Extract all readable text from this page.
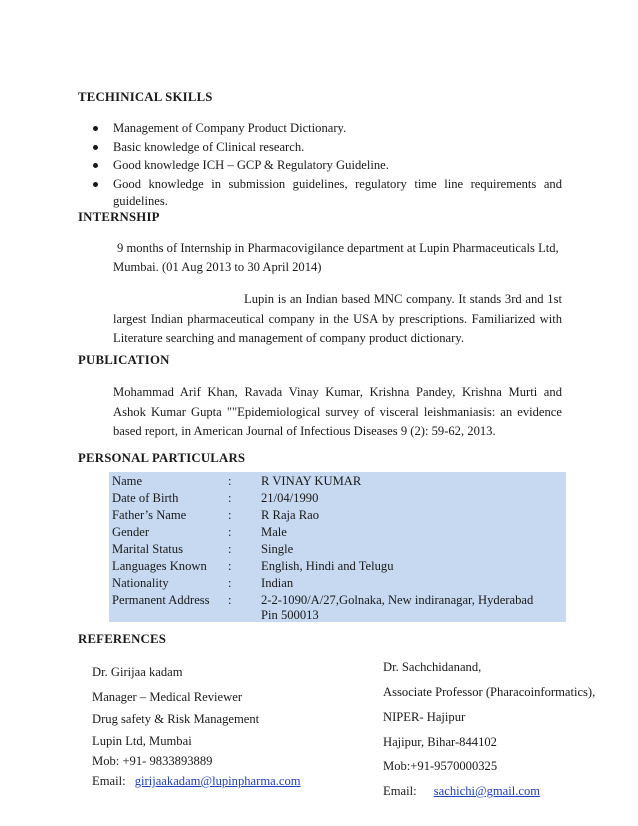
TECHINICAL SKILLS
Management of Company Product Dictionary.
Basic knowledge of Clinical research.
Good knowledge ICH – GCP & Regulatory Guideline.
Good knowledge in submission guidelines, regulatory time line requirements and guidelines.
INTERNSHIP
9 months of Internship in Pharmacovigilance department at Lupin Pharmaceuticals Ltd,
Mumbai. (01 Aug 2013 to 30 April 2014)
Lupin is an Indian based MNC company. It stands 3rd and 1st largest Indian pharmaceutical company in the USA by prescriptions. Familiarized with Literature searching and management of company product dictionary.
PUBLICATION
Mohammad Arif Khan, Ravada Vinay Kumar, Krishna Pandey, Krishna Murti and Ashok Kumar Gupta ""Epidemiological survey of visceral leishmaniasis: an evidence based report, in American Journal of Infectious Diseases 9 (2): 59-62, 2013.
PERSONAL PARTICULARS
Name	: R VINAY KUMAR
Date of Birth	: 21/04/1990
Father’s Name	: R Raja Rao
Gender	: Male
Marital Status	: Single
Languages Known : English, Hindi and Telugu
Nationality	: Indian
Permanent Address : 2-2-1090/A/27,Golnaka, New indiranagar, Hyderabad
Pin 500013
REFERENCES
Dr. Girijaa kadam
Manager – Medical Reviewer
Drug safety & Risk Management
Lupin Ltd, Mumbai
Mob: +91- 9833893889
Email: girijaakadam@lupinpharma.com
Dr. Sachchidanand,
Associate Professor (Pharacoinformatics),
NIPER- Hajipur
Hajipur, Bihar-844102
Mob:+91-9570000325
Email: sachichi@gmail.com
